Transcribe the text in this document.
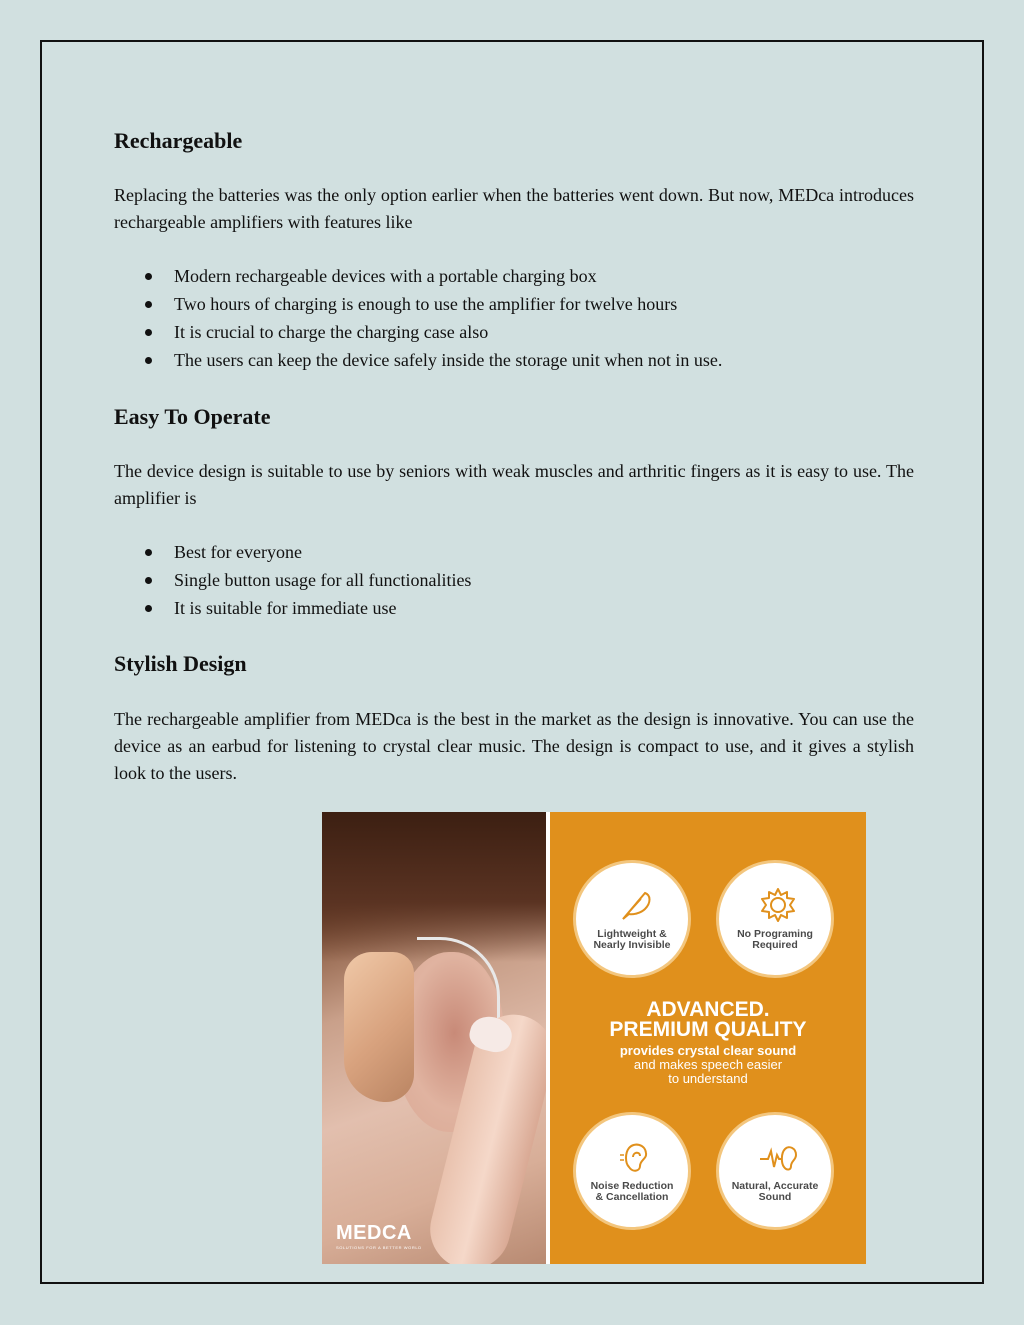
Rechargeable

Replacing the batteries was the only option earlier when the batteries went down. But now, MEDca introduces rechargeable amplifiers with features like

Modern rechargeable devices with a portable charging box
Two hours of charging is enough to use the amplifier for twelve hours
It is crucial to charge the charging case also
The users can keep the device safely inside the storage unit when not in use.
Easy To Operate

The device design is suitable to use by seniors with weak muscles and arthritic fingers as it is easy to use. The amplifier is

Best for everyone
Single button usage for all functionalities
It is suitable for immediate use
Stylish Design

The rechargeable amplifier from MEDca is the best in the market as the design is innovative. You can use the device as an earbud for listening to crystal clear music. The design is compact to use, and it gives a stylish look to the users.

MEDCA
SOLUTIONS FOR A BETTER WORLD
Lightweight &
Nearly Invisible
No Programing
Required
ADVANCED.
PREMIUM QUALITY
provides crystal clear sound
and makes speech easier
to understand
Noise Reduction
& Cancellation
Natural, Accurate
Sound
